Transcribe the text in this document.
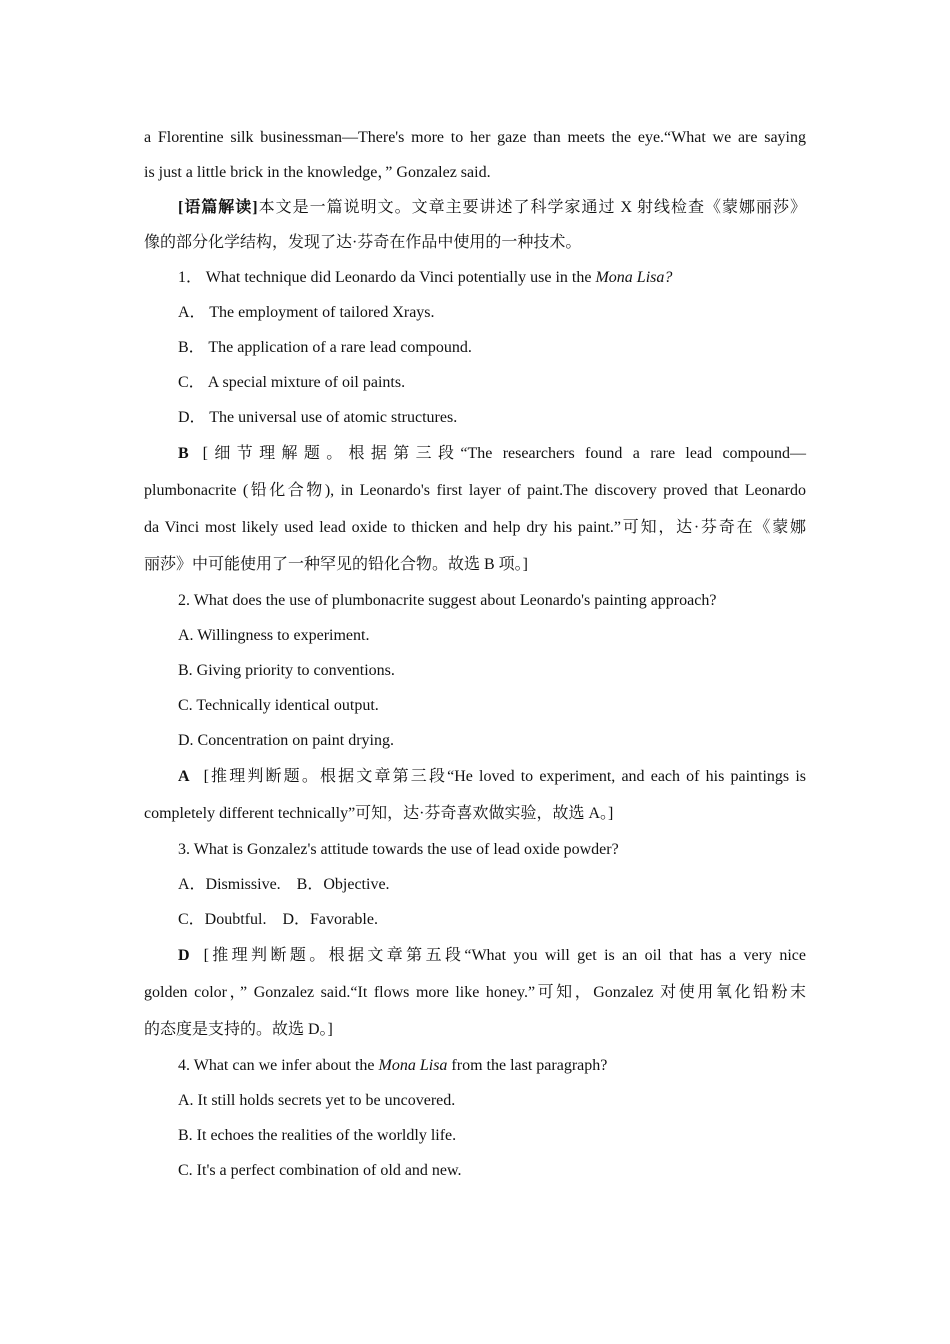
a Florentine silk businessman—There's more to her gaze than meets the eye.“What we are saying
is just a little brick in the knowledge，” Gonzalez said.
[语篇解读]本文是一篇说明文。文章主要讲述了科学家通过 X 射线检查《蒙娜丽莎》
像的部分化学结构，发现了达·芬奇在作品中使用的一种技术。
1． What technique did Leonardo da Vinci potentially use in the Mona Lisa?
A． The employment of tailored Xrays.
B． The application of a rare lead compound.
C． A special mixture of oil paints.
D． The universal use of atomic structures.
B [细节理解题。根据第三段“The researchers found a rare lead compound—
plumbonacrite (铅化合物), in Leonardo's first layer of paint.The discovery proved that Leonardo
da Vinci most likely used lead oxide to thicken and help dry his paint.”可知，达·芬奇在《蒙娜
丽莎》中可能使用了一种罕见的铅化合物。故选 B 项。]
2. What does the use of plumbonacrite suggest about Leonardo's painting approach?
A. Willingness to experiment.
B. Giving priority to conventions.
C. Technically identical output.
D. Concentration on paint drying.
A [推理判断题。根据文章第三段“He loved to experiment, and each of his paintings is
completely different technically”可知，达·芬奇喜欢做实验，故选 A。]
3. What is Gonzalez's attitude towards the use of lead oxide powder?
A．Dismissive.    B．Objective.
C．Doubtful.    D．Favorable.
D [推理判断题。根据文章第五段“What you will get is an oil that has a very nice
golden color，” Gonzalez said.“It flows more like honey.”可知，Gonzalez 对使用氧化铅粉末
的态度是支持的。故选 D。]
4. What can we infer about the Mona Lisa from the last paragraph?
A. It still holds secrets yet to be uncovered.
B. It echoes the realities of the worldly life.
C. It's a perfect combination of old and new.
